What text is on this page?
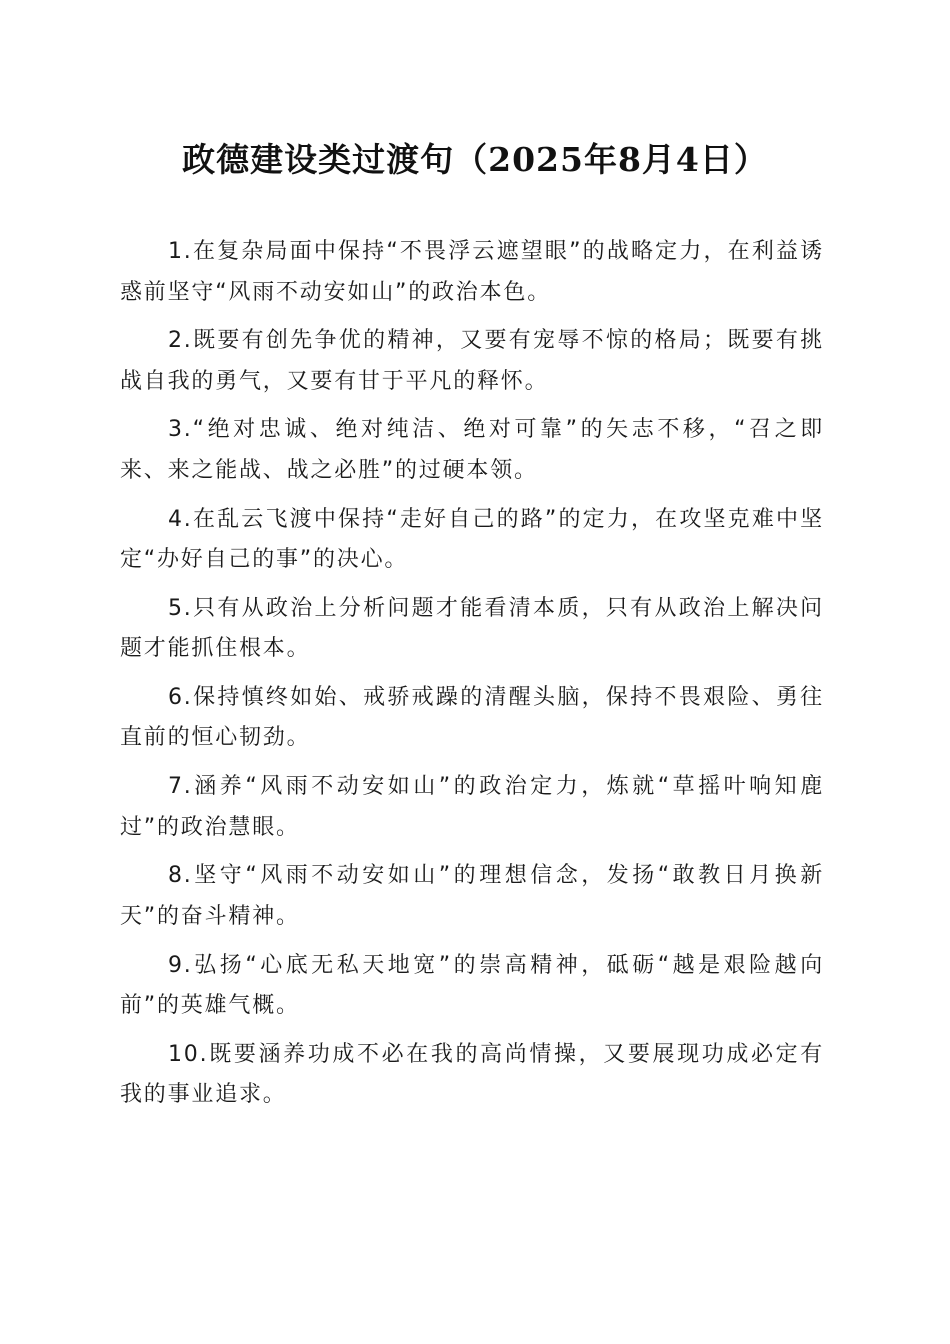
政德建设类过渡句（2025年8月4日）
1.在复杂局面中保持“不畏浮云遮望眼”的战略定力，在利益诱惑前坚守“风雨不动安如山”的政治本色。
2.既要有创先争优的精神，又要有宠辱不惊的格局；既要有挑战自我的勇气，又要有甘于平凡的释怀。
3.“绝对忠诚、绝对纯洁、绝对可靠”的矢志不移，“召之即来、来之能战、战之必胜”的过硬本领。
4.在乱云飞渡中保持“走好自己的路”的定力，在攻坚克难中坚定“办好自己的事”的决心。
5.只有从政治上分析问题才能看清本质，只有从政治上解决问题才能抓住根本。
6.保持慎终如始、戒骄戒躁的清醒头脑，保持不畏艰险、勇往直前的恒心韧劲。
7.涵养“风雨不动安如山”的政治定力，炼就“草摇叶响知鹿过”的政治慧眼。
8.坚守“风雨不动安如山”的理想信念，发扬“敢教日月换新天”的奋斗精神。
9.弘扬“心底无私天地宽”的崇高精神，砥砺“越是艰险越向前”的英雄气概。
10.既要涵养功成不必在我的高尚情操，又要展现功成必定有我的事业追求。
